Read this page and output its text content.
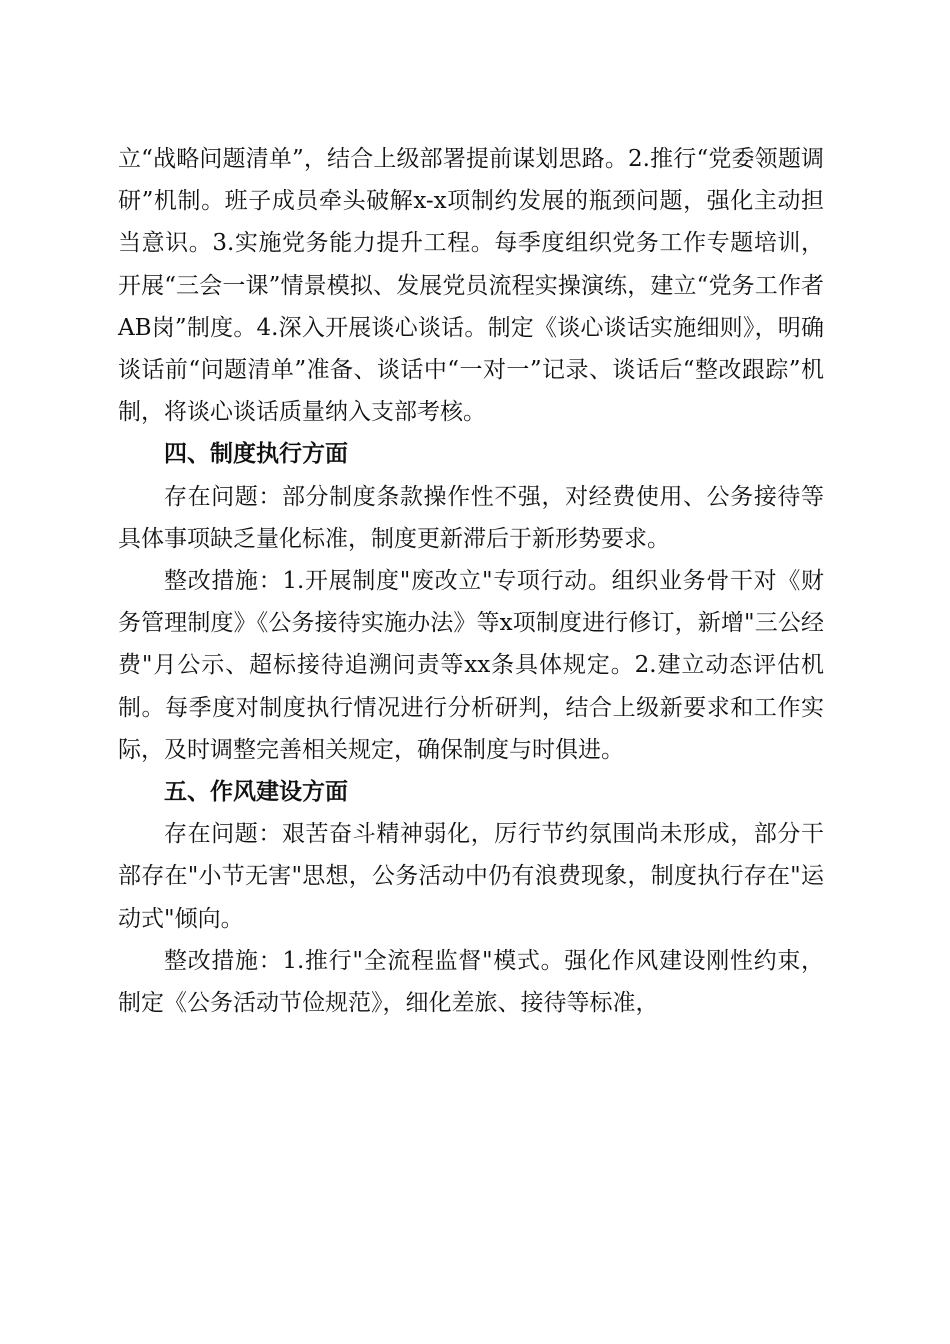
立“战略问题清单”，结合上级部署提前谋划思路。2.推行“党委领题调研”机制。班子成员牵头破解x-x项制约发展的瓶颈问题，强化主动担当意识。3.实施党务能力提升工程。每季度组织党务工作专题培训，开展“三会一课”情景模拟、发展党员流程实操演练，建立“党务工作者AB岗”制度。4.深入开展谈心谈话。制定《谈心谈话实施细则》，明确谈话前“问题清单”准备、谈话中“一对一”记录、谈话后“整改跟踪”机制，将谈心谈话质量纳入支部考核。

四、制度执行方面

存在问题：部分制度条款操作性不强，对经费使用、公务接待等具体事项缺乏量化标准，制度更新滞后于新形势要求。

整改措施：1.开展制度"废改立"专项行动。组织业务骨干对《财务管理制度》《公务接待实施办法》等x项制度进行修订，新增"三公经费"月公示、超标接待追溯问责等xx条具体规定。2.建立动态评估机制。每季度对制度执行情况进行分析研判，结合上级新要求和工作实际，及时调整完善相关规定，确保制度与时俱进。

五、作风建设方面

存在问题：艰苦奋斗精神弱化，厉行节约氛围尚未形成，部分干部存在"小节无害"思想，公务活动中仍有浪费现象，制度执行存在"运动式"倾向。

整改措施：1.推行"全流程监督"模式。强化作风建设刚性约束，制定《公务活动节俭规范》，细化差旅、接待等标准，
